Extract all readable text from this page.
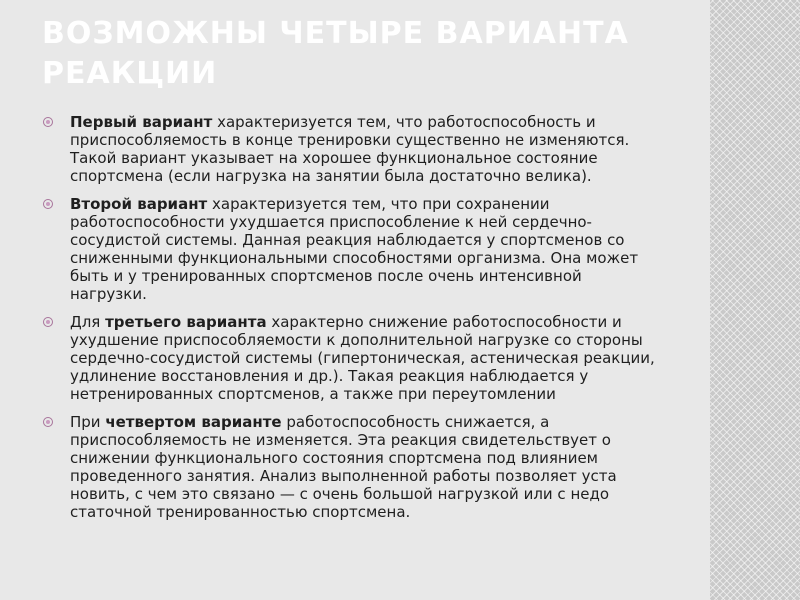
ВОЗМОЖНЫ ЧЕТЫРЕ ВАРИАНТА РЕАКЦИИ
Первый вариант характеризуется тем, что работоспособность и
приспособляемость в конце тренировки существенно не изменяются.
Такой вариант указывает на хорошее функциональное состояние
спортсмена (если нагрузка на занятии была достаточно велика).
Второй вариант характеризуется тем, что при сохранении
работоспособности ухудшается приспособление к ней сердечно-
сосудистой системы. Данная реакция наблюдается у спортсменов со
сниженными функциональными способностями организма. Она может
быть и у тренированных спортсменов после очень интенсивной
нагрузки.
Для третьего варианта характерно снижение работоспособности и
ухудшение приспособляемости к дополнительной нагрузке со стороны
сердечно-сосудистой системы (гипертоническая, астеническая реакции,
удлинение восстановления и др.). Такая реакция наблюдается у
нетренированных спортсменов, а также при переутомлении
При четвертом варианте работоспособность снижается, а
приспособляемость не изменяется. Эта реакция свидетельствует о
снижении функционального состояния спортсмена под влиянием
проведенного занятия. Анализ выполненной работы позволяет уста
новить, с чем это связано — с очень большой нагрузкой или с недо
статочной тренированностью спортсмена.
